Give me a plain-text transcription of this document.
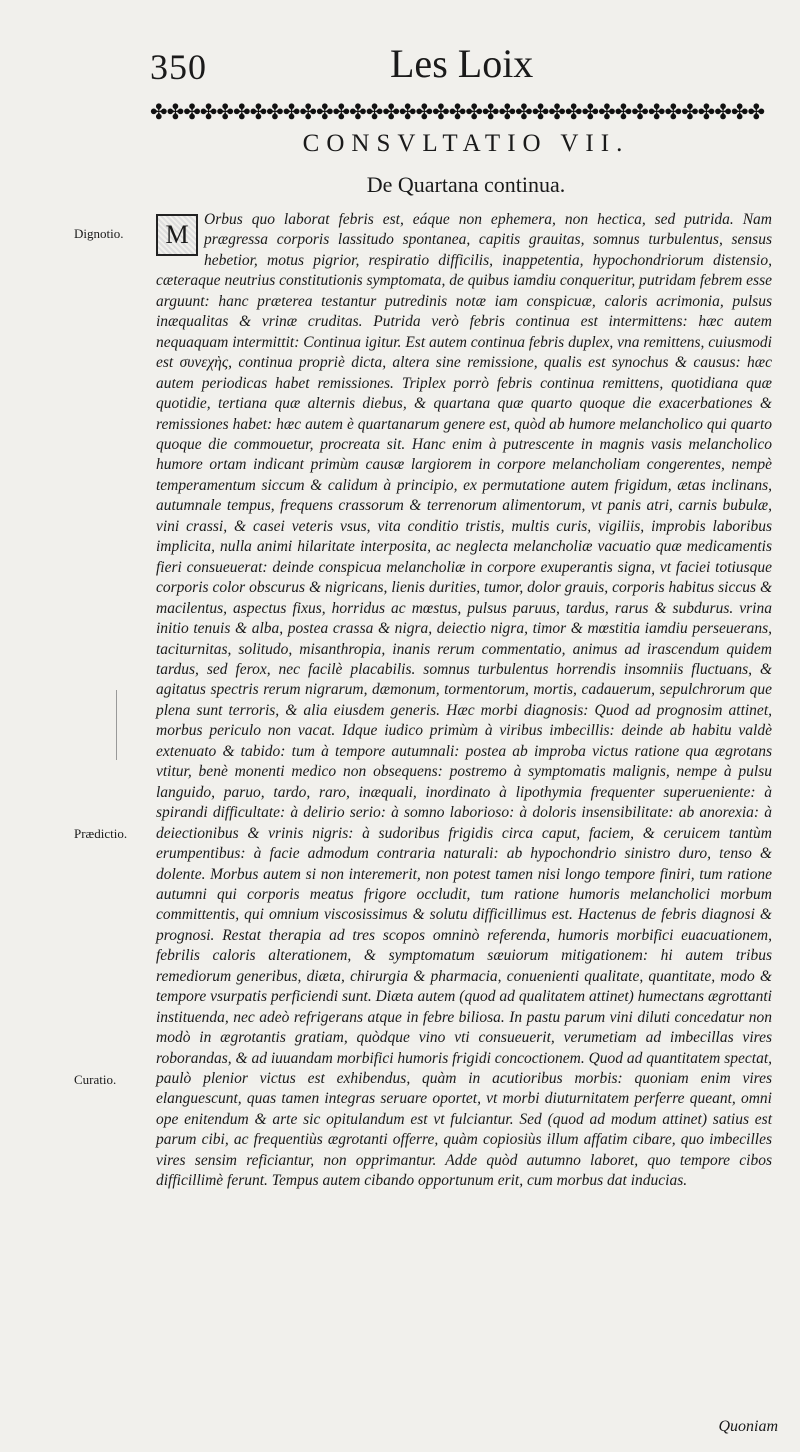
350	Les Loix
✤✤✤✤✤✤✤✤✤✤✤✤✤✤✤✤✤✤✤✤✤✤✤✤✤✤✤✤✤✤✤✤✤✤✤✤✤
CONSVLTATIO VII.
De Quartana continua.
Dignotio.
Prædictio.
Curatio.
M

Orbus quo laborat febris est, eáque non ephemera, non hectica, sed putrida. Nam prægressa corporis lassitudo spontanea, capitis grauitas, somnus turbulentus, sensus hebetior, motus pigrior, respiratio difficilis, inappetentia, hypochondriorum distensio, cæteraque neutrius constitutionis symptomata, de quibus iamdiu conqueritur, putridam febrem esse arguunt: hanc præterea testantur putredinis notæ iam conspicuæ, caloris acrimonia, pulsus inæqualitas & vrinæ cruditas. Putrida verò febris continua est intermittens: hæc autem nequaquam intermittit: Continua igitur. Est autem continua febris duplex, vna remittens, cuiusmodi est συνεχὴς, continua propriè dicta, altera sine remissione, qualis est synochus & causus: hæc autem periodicas habet remissiones. Triplex porrò febris continua remittens, quotidiana quæ quotidie, tertiana quæ alternis diebus, & quartana quæ quarto quoque die exacerbationes & remissiones habet: hæc autem è quartanarum genere est, quòd ab humore melancholico qui quarto quoque die commouetur, procreata sit. Hanc enim à putrescente in magnis vasis melancholico humore ortam indicant primùm causæ largiorem in corpore melancholiam congerentes, nempè temperamentum siccum & calidum à principio, ex permutatione autem frigidum, ætas inclinans, autumnale tempus, frequens crassorum & terrenorum alimentorum, vt panis atri, carnis bubulæ, vini crassi, & casei veteris vsus, vita conditio tristis, multis curis, vigiliis, improbis laboribus implicita, nulla animi hilaritate interposita, ac neglecta melancholiæ vacuatio quæ medicamentis fieri consueuerat: deinde conspicua melancholiæ in corpore exuperantis signa, vt faciei totiusque corporis color obscurus & nigricans, lienis durities, tumor, dolor grauis, corporis habitus siccus & macilentus, aspectus fixus, horridus ac mœstus, pulsus paruus, tardus, rarus & subdurus. vrina initio tenuis & alba, postea crassa & nigra, deiectio nigra, timor & mœstitia iamdiu perseuerans, taciturnitas, solitudo, misanthropia, inanis rerum commentatio, animus ad irascendum quidem tardus, sed ferox, nec facilè placabilis. somnus turbulentus horrendis insomniis fluctuans, & agitatus spectris rerum nigrarum, dæmonum, tormentorum, mortis, cadauerum, sepulchrorum que plena sunt terroris, & alia eiusdem generis. Hæc morbi diagnosis: Quod ad prognosim attinet, morbus periculo non vacat. Idque iudico primùm à viribus imbecillis: deinde ab habitu valdè extenuato & tabido: tum à tempore autumnali: postea ab improba victus ratione qua ægrotans vtitur, benè monenti medico non obsequens: postremo à symptomatis malignis, nempe à pulsu languido, paruo, tardo, raro, inæquali, inordinato à lipothymia frequenter superueniente: à spirandi difficultate: à delirio serio: à somno laborioso: à doloris insensibilitate: ab anorexia: à deiectionibus & vrinis nigris: à sudoribus frigidis circa caput, faciem, & ceruicem tantùm erumpentibus: à facie admodum contraria naturali: ab hypochondrio sinistro duro, tenso & dolente. Morbus autem si non interemerit, non potest tamen nisi longo tempore finiri, tum ratione autumni qui corporis meatus frigore occludit, tum ratione humoris melancholici morbum committentis, qui omnium viscosissimus & solutu difficillimus est. Hactenus de febris diagnosi & prognosi. Restat therapia ad tres scopos omninò referenda, humoris morbifici euacuationem, febrilis caloris alterationem, & symptomatum sæuiorum mitigationem: hi autem tribus remediorum generibus, diæta, chirurgia & pharmacia, conuenienti qualitate, quantitate, modo & tempore vsurpatis perficiendi sunt. Diæta autem (quod ad qualitatem attinet) humectans ægrottanti instituenda, nec adeò refrigerans atque in febre biliosa. In pastu parum vini diluti concedatur non modò in ægrotantis gratiam, quòdque vino vti consueuerit, verumetiam ad imbecillas vires roborandas, & ad iuuandam morbifici humoris frigidi concoctionem. Quod ad quantitatem spectat, paulò plenior victus est exhibendus, quàm in acutioribus morbis: quoniam enim vires elanguescunt, quas tamen integras seruare oportet, vt morbi diuturnitatem perferre queant, omni ope enitendum & arte sic opitulandum est vt fulciantur. Sed (quod ad modum attinet) satius est parum cibi, ac frequentiùs ægrotanti offerre, quàm copiosiùs illum affatim cibare, quo imbecilles vires sensim reficiantur, non opprimantur. Adde quòd autumno laboret, quo tempore cibos difficillimè ferunt. Tempus autem cibando opportunum erit, cum morbus dat inducias.

Quoniam
